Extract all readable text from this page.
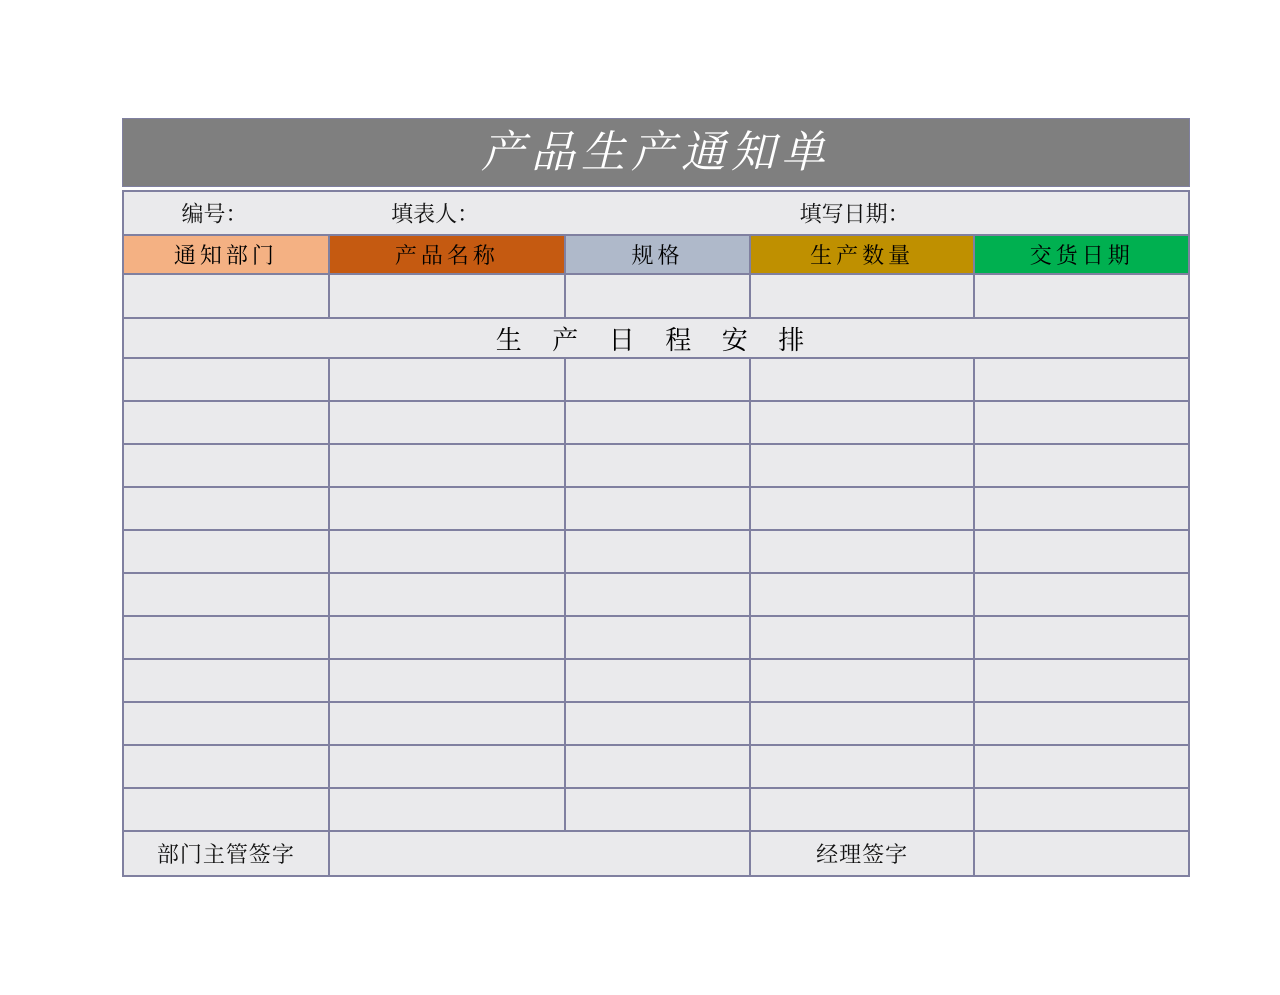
产品生产通知单
编号：	填表人：	填写日期：
通知部门	产品名称	规格	生产数量	交货日期
生 产 日 程 安 排
部门主管签字	经理签字
